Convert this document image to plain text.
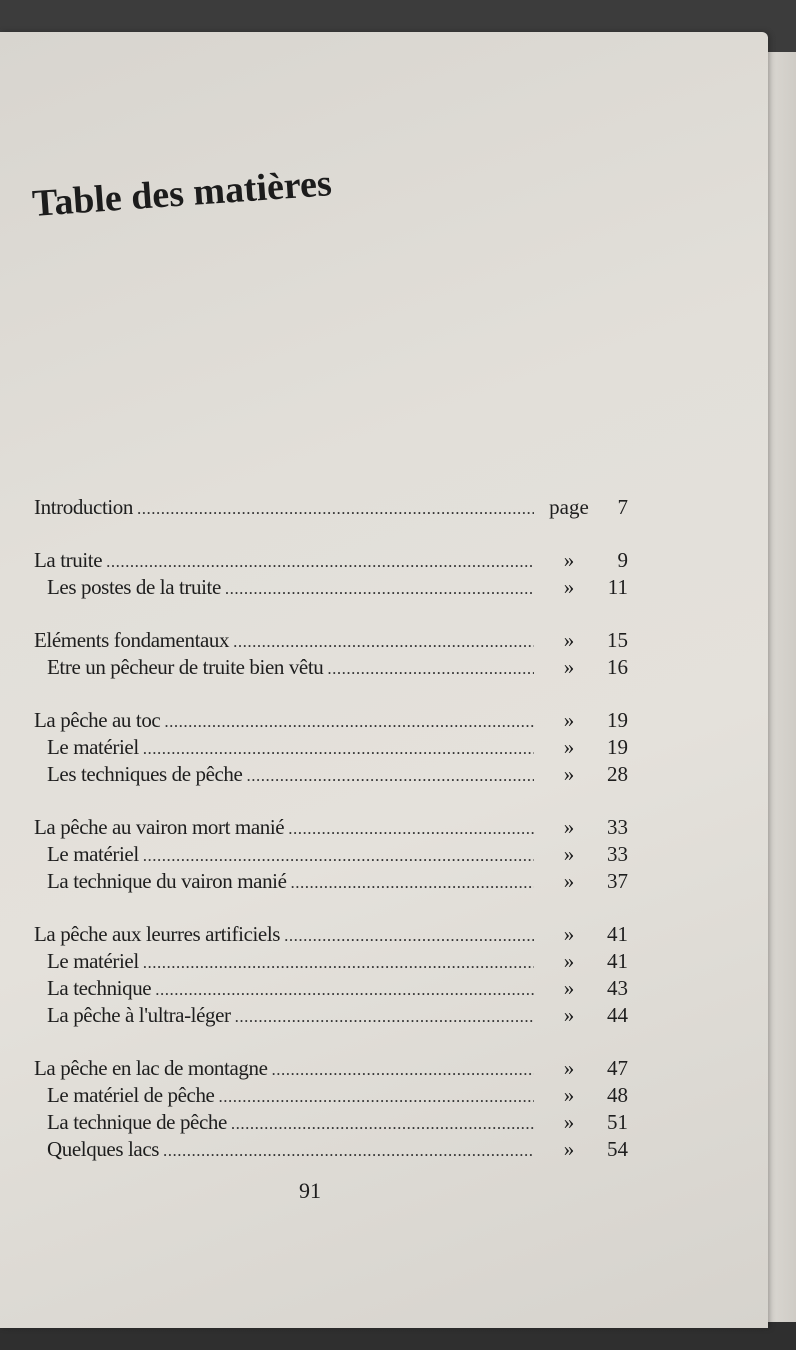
Table des matières
Introduction .....	page	7
La truite .....	»	9
Les postes de la truite .....	»	11
Eléments fondamentaux .....	»	15
Etre un pêcheur de truite bien vêtu .....	»	16
La pêche au toc .....	»	19
Le matériel .....	»	19
Les techniques de pêche .....	»	28
La pêche au vairon mort manié .....	»	33
Le matériel .....	»	33
La technique du vairon manié .....	»	37
La pêche aux leurres artificiels .....	»	41
Le matériel .....	»	41
La technique .....	»	43
La pêche à l'ultra-léger .....	»	44
La pêche en lac de montagne .....	»	47
Le matériel de pêche .....	»	48
La technique de pêche .....	»	51
Quelques lacs .....	»	54
91
